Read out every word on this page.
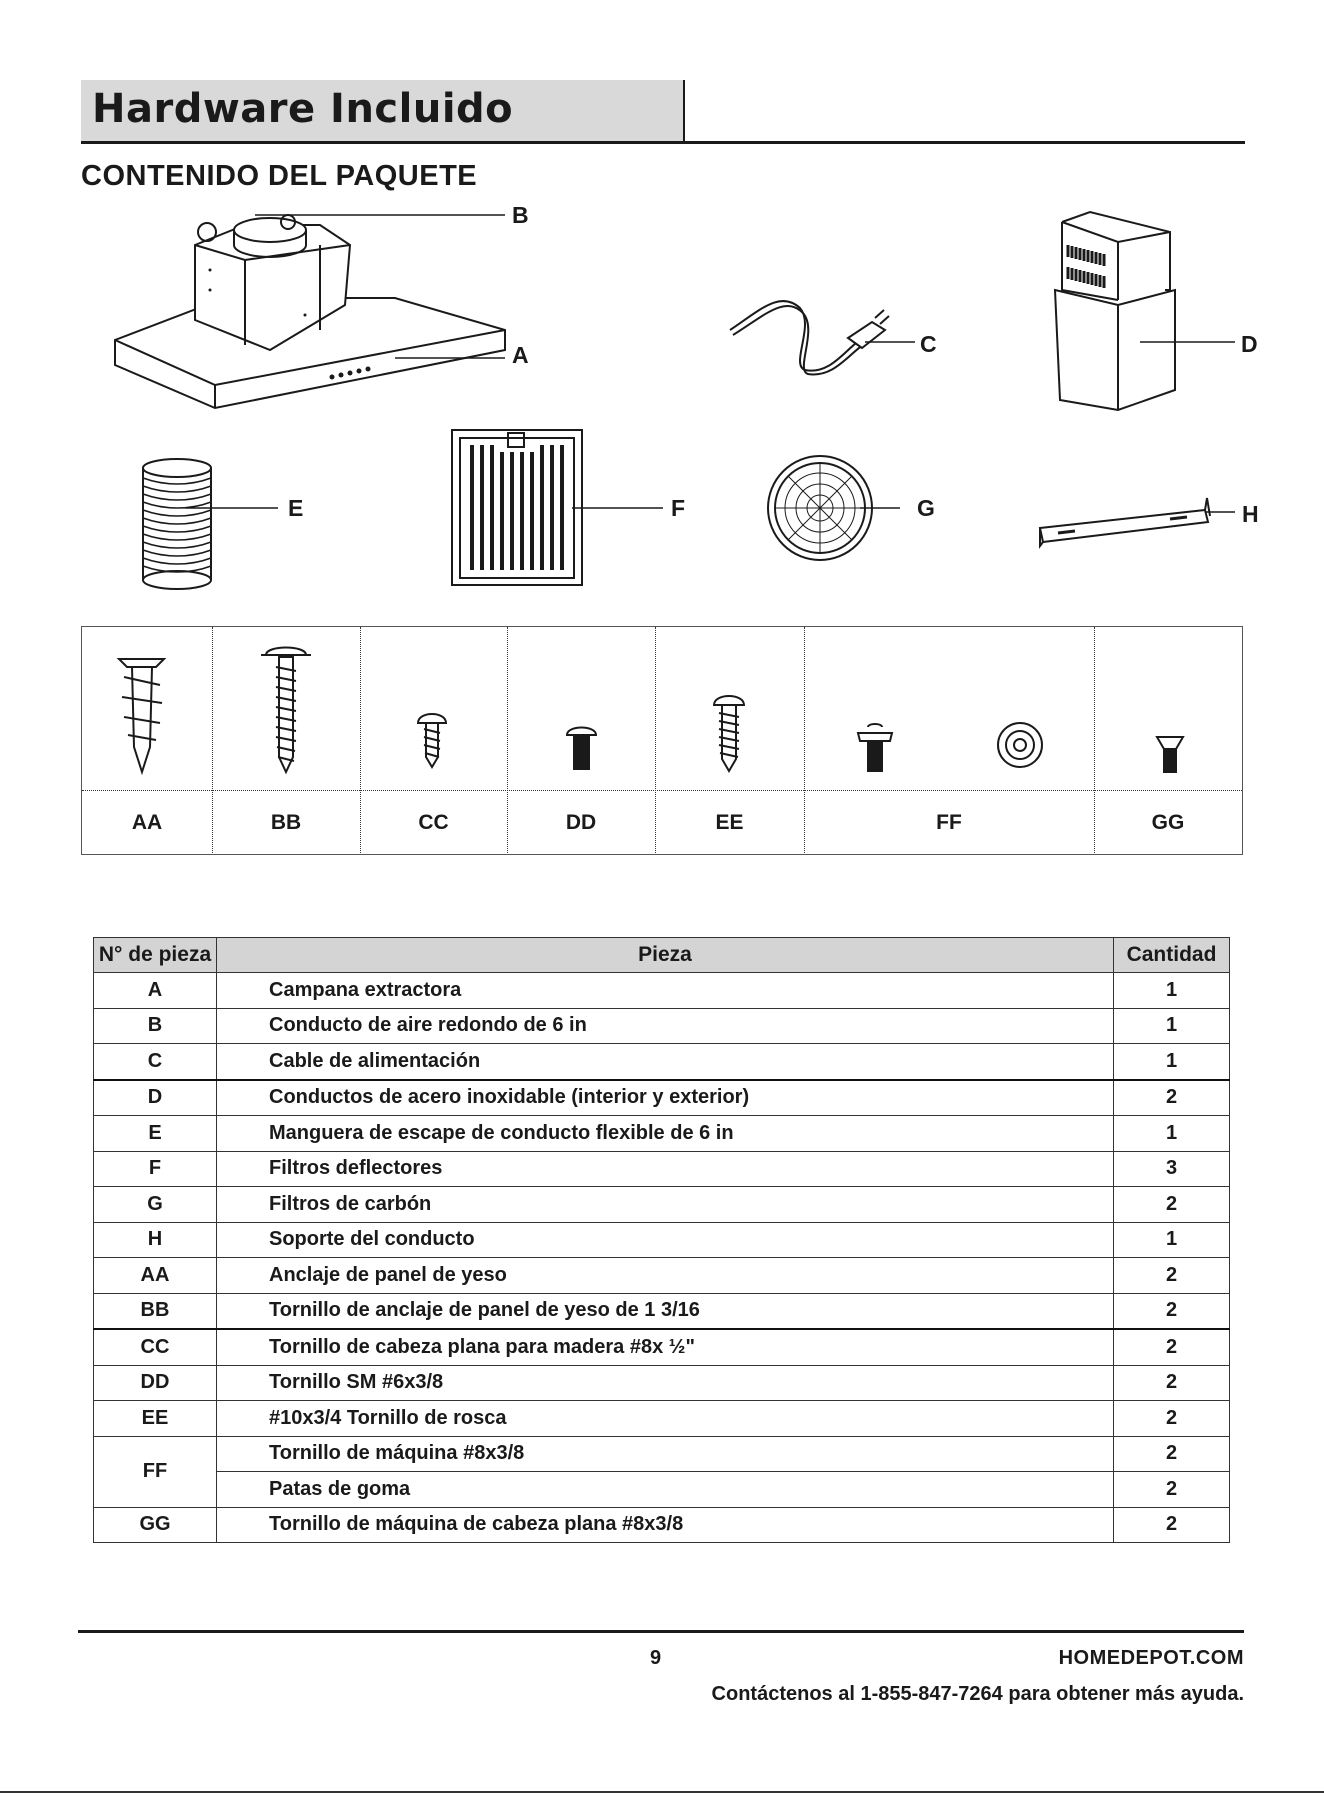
Hardware Incluido
CONTENIDO DEL PAQUETE
B
A	C	D
E	F	G	H
AA	BB	CC	DD	EE	FF	GG
N° de pieza	Pieza	Cantidad
A	Campana extractora	1
B	Conducto de aire redondo de 6 in	1
C	Cable de alimentación	1
D	Conductos de acero inoxidable (interior y exterior)	2
E	Manguera de escape de conducto flexible de 6 in	1
F	Filtros deflectores	3
G	Filtros de carbón	2
H	Soporte del conducto	1
AA	Anclaje de panel de yeso	2
BB	Tornillo de anclaje de panel de yeso de 1 3/16	2
CC	Tornillo de cabeza plana para madera #8x ½"	2
DD	Tornillo SM #6x3/8	2
EE	#10x3/4 Tornillo de rosca	2
FF	Tornillo de máquina #8x3/8	2
	Patas de goma	2
GG	Tornillo de máquina de cabeza plana #8x3/8	2
9	HOMEDEPOT.COM
Contáctenos al 1-855-847-7264 para obtener más ayuda.
